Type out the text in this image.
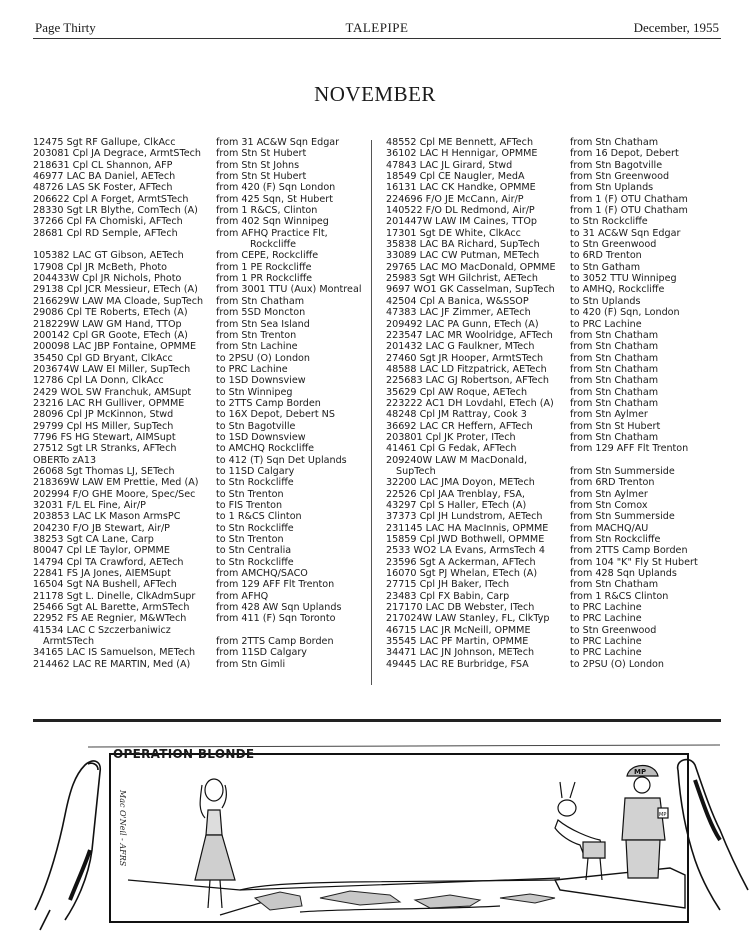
Page Thirty	TALEPIPE	December, 1955
NOVEMBER
12475 Sgt RF Gallupe, ClkAcc	from 31 AC&W Sqn Edgar
203081 Cpl JA Degrace, ArmtSTech	from Stn St Hubert
218631 Cpl CL Shannon, AFP	from Stn St Johns
46977 LAC BA Daniel, AETech	from Stn St Hubert
48726 LAS SK Foster, AFTech	from 420 (F) Sqn London
206622 Cpl A Forget, ArmtSTech	from 425 Sqn, St Hubert
28330 Sgt LR Blythe, ComTech (A)	from 1 R&CS, Clinton
37266 Cpl FA Chomiski, AFTech	from 402 Sqn Winnipeg
28681 Cpl RD Semple, AFTech	from AFHQ Practice Flt,
Rockcliffe
105382 LAC GT Gibson, AETech	from CEPE, Rockcliffe
17908 Cpl JR McBeth, Photo	from 1 PE Rockcliffe
204433W Cpl JR Nichols, Photo	from 1 PR Rockcliffe
29138 Cpl JCR Messieur, ETech (A)	from 3001 TTU (Aux) Montreal
216629W LAW MA Cloade, SupTech	from Stn Chatham
29086 Cpl TE Roberts, ETech (A)	from 5SD Moncton
218229W LAW GM Hand, TTOp	from Stn Sea Island
200142 Cpl GR Goote, ETech (A)	from Stn Trenton
200098 LAC JBP Fontaine, OPMME	from Stn Lachine
35450 Cpl GD Bryant, ClkAcc	to 2PSU (O) London
203674W LAW EI Miller, SupTech	to PRC Lachine
12786 Cpl LA Donn, ClkAcc	to 1SD Downsview
2429 WOL SW Franchuk, AMSupt	to Stn Winnipeg
23216 LAC RH Gulliver, OPMME	to 2TTS Camp Borden
28096 Cpl JP McKinnon, Stwd	to 16X Depot, Debert NS
29799 Cpl HS Miller, SupTech	to Stn Bagotville
7796 FS HG Stewart, AIMSupt	to 1SD Downsview
27512 Sgt LR Stranks, AFTech	to AMCHQ Rockcliffe
OBERTo zA13	to 412 (T) Sqn Det Uplands
26068 Sgt Thomas LJ, SETech	to 11SD Calgary
218369W LAW EM Prettie, Med (A)	to Stn Rockcliffe
202994 F/O GHE Moore, Spec/Sec	to Stn Trenton
32031 F/L EL Fine, Air/P	to FIS Trenton
203853 LAC LK Mason ArmsPC	to 1 R&CS Clinton
204230 F/O JB Stewart, Air/P	to Stn Rockcliffe
38253 Sgt CA Lane, Carp	to Stn Trenton
80047 Cpl LE Taylor, OPMME	to Stn Centralia
14794 Cpl TA Crawford, AETech	to Stn Rockcliffe
22841 FS JA Jones, AIEMSupt	from AMCHQ/SACO
16504 Sgt NA Bushell, AFTech	from 129 AFF Flt Trenton
21178 Sgt L. Dinelle, ClkAdmSupr	from AFHQ
25466 Sgt AL Barette, ArmSTech	from 428 AW Sqn Uplands
22952 FS AE Regnier, M&WTech	from 411 (F) Sqn Toronto
41534 LAC C Szczerbaniwicz
ArmtSTech
	from 2TTS Camp Borden
34165 LAC IS Samuelson, METech	from 11SD Calgary
214462 LAC RE MARTIN, Med (A)	from Stn Gimli
48552 Cpl ME Bennett, AFTech	from Stn Chatham
36102 LAC H Hennigar, OPMME	from 16 Depot, Debert
47843 LAC JL Girard, Stwd	from Stn Bagotville
18549 Cpl CE Naugler, MedA	from Stn Greenwood
16131 LAC CK Handke, OPMME	from Stn Uplands
224696 F/O JE McCann, Air/P	from 1 (F) OTU Chatham
140522 F/O DL Redmond, Air/P	from 1 (F) OTU Chatham
201447W LAW IM Caines, TTOp	to Stn Rockcliffe
17301 Sgt DE White, ClkAcc	to 31 AC&W Sqn Edgar
35838 LAC BA Richard, SupTech	to Stn Greenwood
33089 LAC CW Putman, METech	to 6RD Trenton
29765 LAC MO MacDonald, OPMME	to Stn Gatham
25983 Sgt WH Gilchrist, AETech	to 3052 TTU Winnipeg
9697 WO1 GK Casselman, SupTech	to AMHQ, Rockcliffe
42504 Cpl A Banica, W&SSOP	to Stn Uplands
47383 LAC JF Zimmer, AETech	to 420 (F) Sqn, London
209492 LAC PA Gunn, ETech (A)	to PRC Lachine
223547 LAC MR Woolridge, AFTech	from Stn Chatham
201432 LAC G Faulkner, MTech	from Stn Chatham
27460 Sgt JR Hooper, ArmtSTech	from Stn Chatham
48588 LAC LD Fitzpatrick, AETech	from Stn Chatham
225683 LAC GJ Robertson, AFTech	from Stn Chatham
35629 Cpl AW Roque, AETech	from Stn Chatham
223222 AC1 DH Lovdahl, ETech (A)	from Stn Chatham
48248 Cpl JM Rattray, Cook 3	from Stn Aylmer
36692 LAC CR Heffern, AFTech	from Stn St Hubert
203801 Cpl JK Proter, ITech	from Stn Chatham
41461 Cpl G Fedak, AFTech	from 129 AFF Flt Trenton
209240W LAW M MacDonald,
SupTech
	from Stn Summerside
32200 LAC JMA Doyon, METech	from 6RD Trenton
22526 Cpl JAA Trenblay, FSA,	from Stn Aylmer
43297 Cpl S Haller, ETech (A)	from Stn Comox
37373 Cpl JH Lundstrom, AETech	from Stn Summerside
231145 LAC HA MacInnis, OPMME	from MACHQ/AU
15859 Cpl JWD Bothwell, OPMME	from Stn Rockcliffe
2533 WO2 LA Evans, ArmsTech 4	from 2TTS Camp Borden
23596 Sgt A Ackerman, AFTech	from 104 "K" Fly St Hubert
16070 Sgt PJ Whelan, ETech (A)	from 428 Sqn Uplands
27715 Cpl JH Baker, ITech	from Stn Chatham
23483 Cpl FX Babin, Carp	from 1 R&CS Clinton
217170 LAC DB Webster, ITech	to PRC Lachine
217024W LAW Stanley, FL, ClkTyp	to PRC Lachine
46715 LAC JR McNeill, OPMME	to Stn Greenwood
35545 LAC PF Martin, OPMME	to PRC Lachine
34471 LAC JN Johnson, METech	to PRC Lachine
49445 LAC RE Burbridge, FSA	to 2PSU (O) London
MP
MP
Mac O'Neil - AFRS
OPERATION BLONDE
